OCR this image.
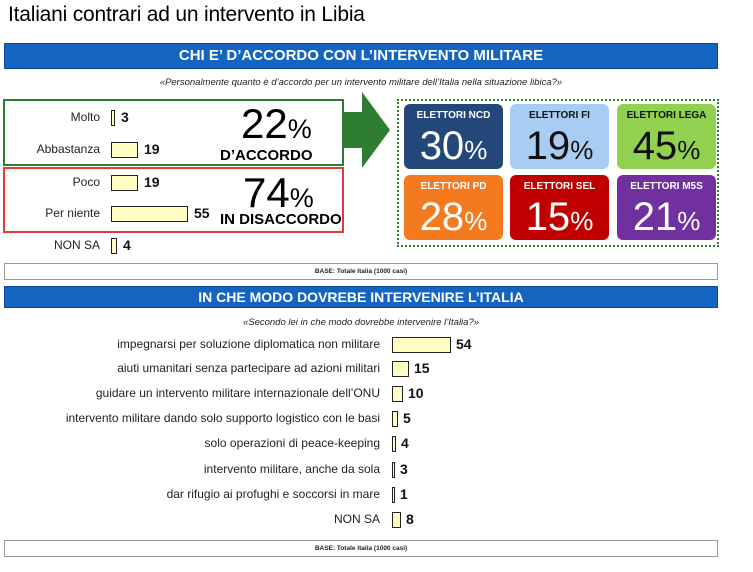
Italiani contrari ad un intervento in Libia
CHI E’ D’ACCORDO CON L’INTERVENTO MILITARE
«Personalmente quanto è d’accordo per un intervento militare dell’Italia nella situazione libica?»
Molto 3
Abbastanza	19
Poco	19
Per niente	55
NON SA 4
22%
D’ACCORDO
74%
IN DISACCORDO
ELETTORI NCD
30%
ELETTORI FI
19%
ELETTORI LEGA
45%
ELETTORI PD
28%
ELETTORI SEL
15%
ELETTORI M5S
21%
BASE: Totale Italia (1000 casi)
IN CHE MODO DOVREBE INTERVENIRE L’ITALIA
«Secondo lei in che modo dovrebbe intervenire l’Italia?»
impegnarsi per soluzione diplomatica non militare	54
aiuti umanitari senza partecipare ad azioni militari 15
guidare un intervento militare internazionale dell’ONU 10
intervento militare dando solo supporto logistico con le basi 5
solo operazioni di peace-keeping 4
intervento militare, anche da sola 3
dar rifugio ai profughi e soccorsi in mare 1
NON SA 8
BASE: Totale Italia (1000 casi)
